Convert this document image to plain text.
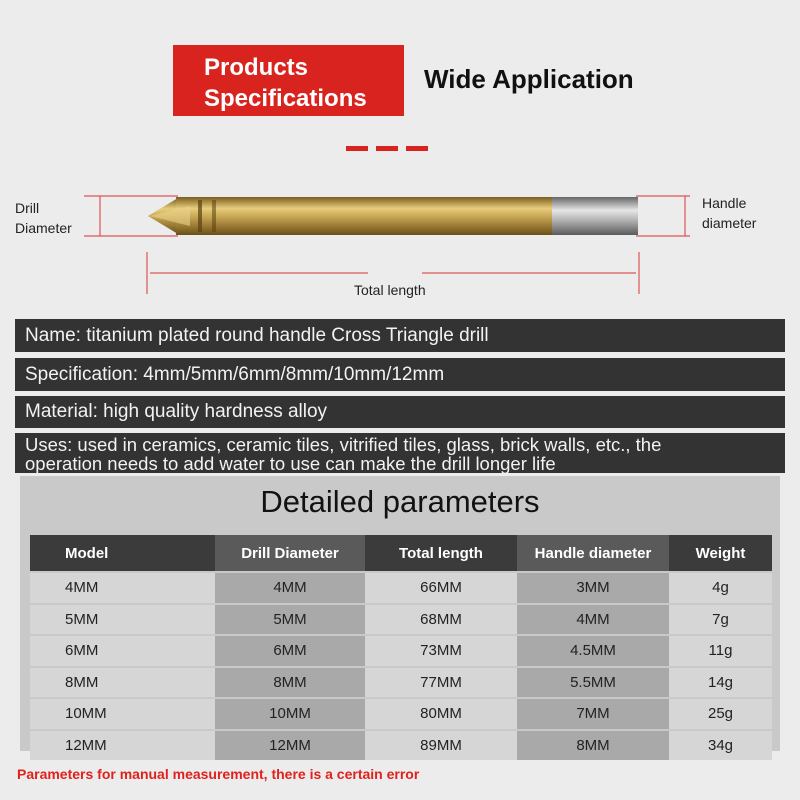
Products
Specifications
Wide Application
Drill
Diameter
Handle
diameter
Total length
Name: titanium plated round handle Cross Triangle drill
Specification: 4mm/5mm/6mm/8mm/10mm/12mm
Material: high quality hardness alloy
Uses: used in ceramics, ceramic tiles, vitrified tiles, glass, brick walls, etc., the
operation needs to add water to use can make the drill longer life
Detailed parameters
Model	Drill Diameter	Total length	Handle diameter	Weight
4MM	4MM	66MM	3MM	4g
5MM	5MM	68MM	4MM	7g
6MM	6MM	73MM	4.5MM	11g
8MM	8MM	77MM	5.5MM	14g
10MM	10MM	80MM	7MM	25g
12MM	12MM	89MM	8MM	34g
Parameters for manual measurement, there is a certain error
